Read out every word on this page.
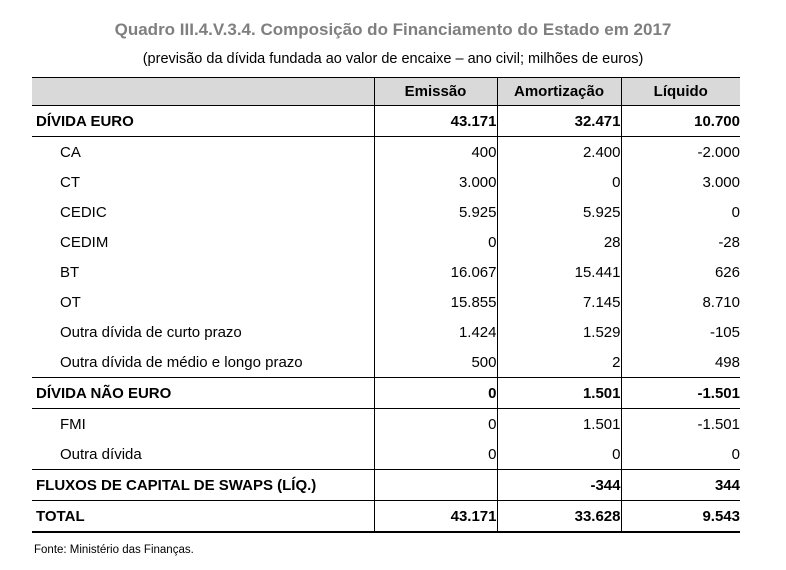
Quadro III.4.V.3.4. Composição do Financiamento do Estado em 2017
(previsão da dívida fundada ao valor de encaixe – ano civil; milhões de euros)
	Emissão	Amortização	Líquido
DÍVIDA EURO	43.171	32.471	10.700
CA	400	2.400	-2.000
CT	3.000	0	3.000
CEDIC	5.925	5.925	0
CEDIM	0	28	-28
BT	16.067	15.441	626
OT	15.855	7.145	8.710
Outra dívida de curto prazo	1.424	1.529	-105
Outra dívida de médio e longo prazo	500	2	498
DÍVIDA NÃO EURO	0	1.501	-1.501
FMI	0	1.501	-1.501
Outra dívida	0	0	0
FLUXOS DE CAPITAL DE SWAPS (LÍQ.)		-344	344
TOTAL	43.171	33.628	9.543
Fonte: Ministério das Finanças.
